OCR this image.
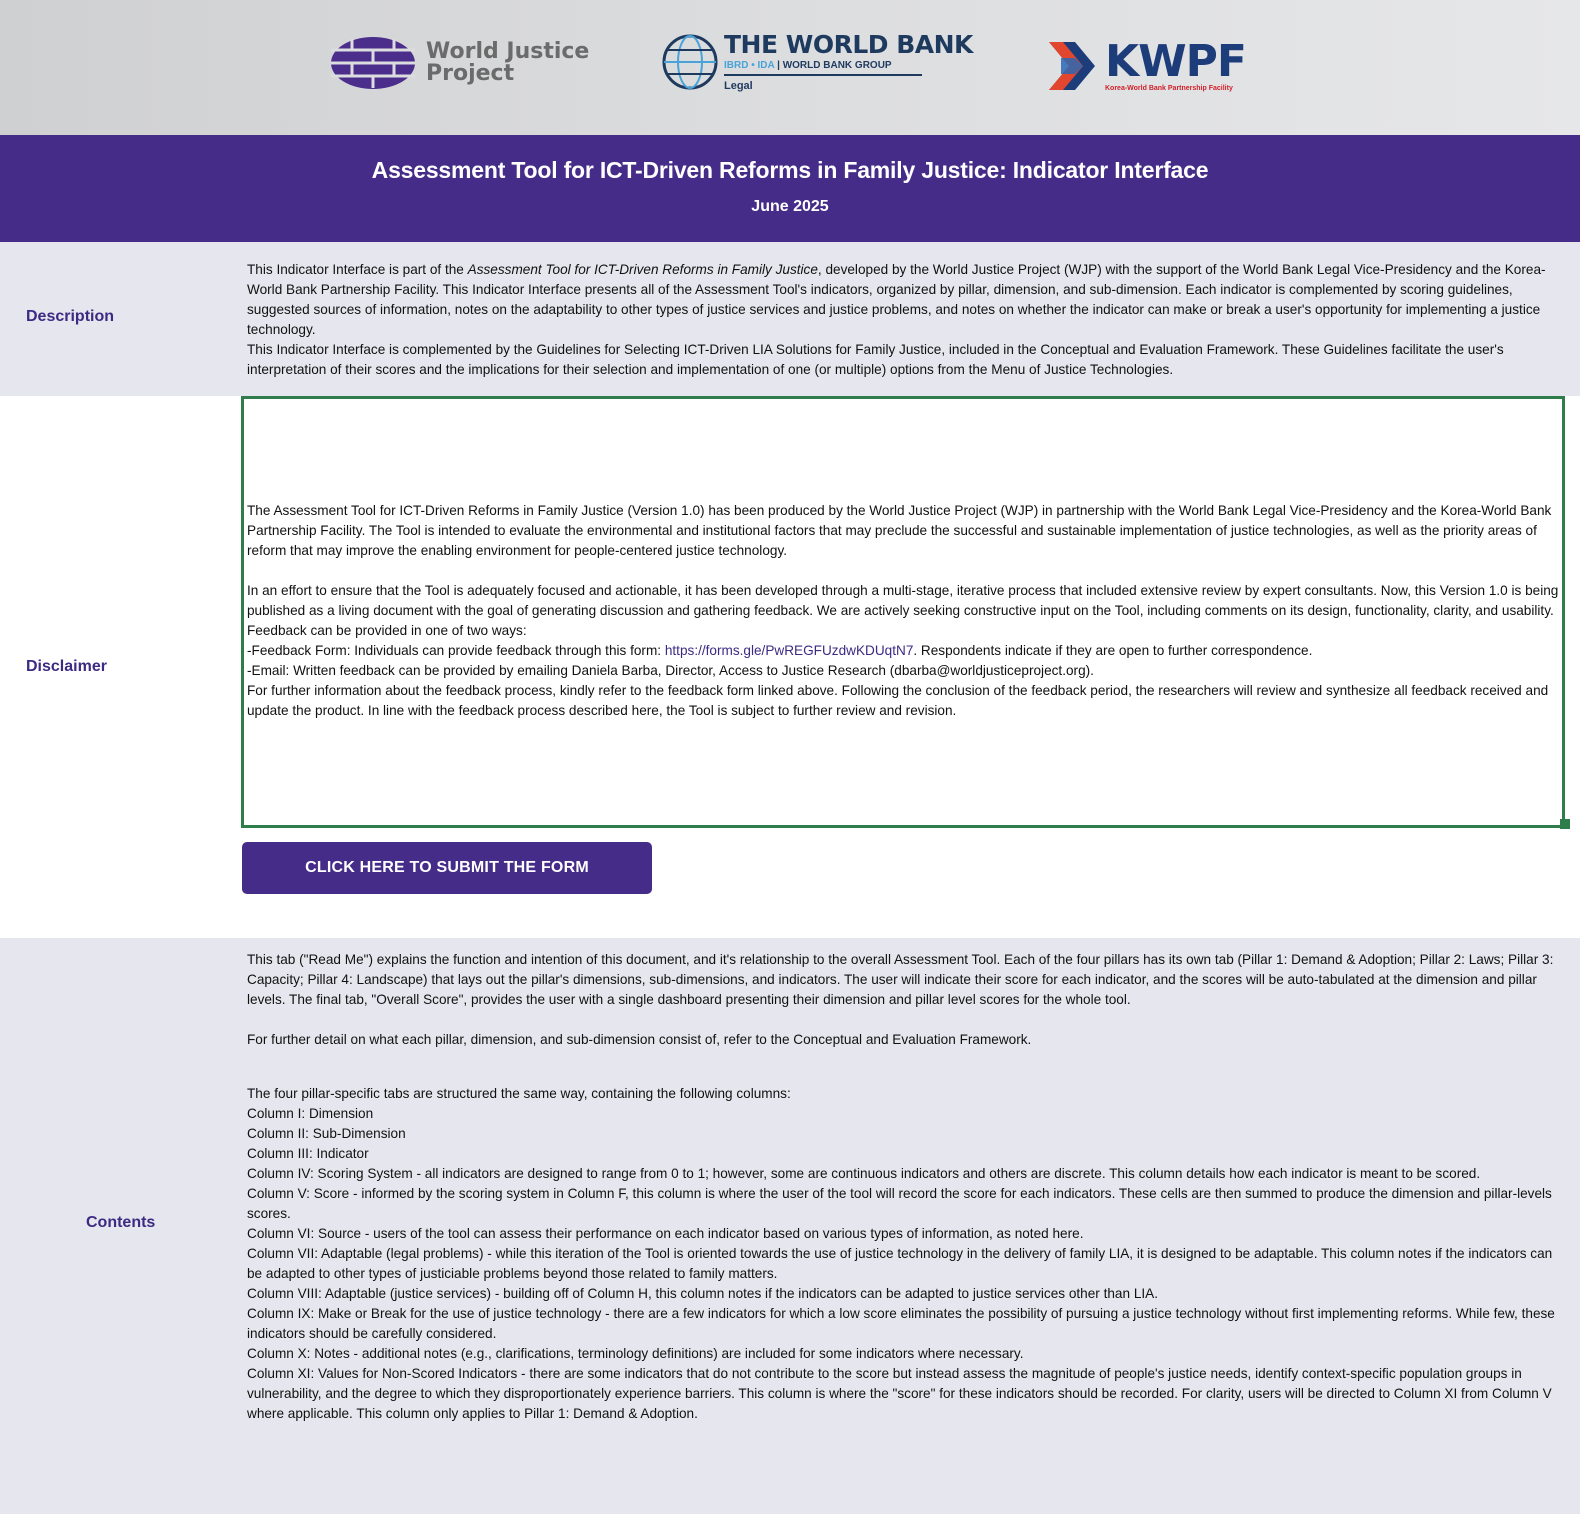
World Justice
Project
THE WORLD BANK
IBRD • IDA | WORLD BANK GROUP
Legal	KWPF
Korea-World Bank Partnership Facility
Assessment Tool for ICT-Driven Reforms in Family Justice: Indicator Interface
June 2025
Description

This Indicator Interface is part of the Assessment Tool for ICT-Driven Reforms in Family Justice, developed by the World Justice Project (WJP) with the support of the World Bank Legal Vice-Presidency and the Korea-World Bank Partnership Facility. This Indicator Interface presents all of the Assessment Tool's indicators, organized by pillar, dimension, and sub-dimension. Each indicator is complemented by scoring guidelines, suggested sources of information, notes on the adaptability to other types of justice services and justice problems, and notes on whether the indicator can make or break a user's opportunity for implementing a justice technology.

This Indicator Interface is complemented by the Guidelines for Selecting ICT-Driven LIA Solutions for Family Justice, included in the Conceptual and Evaluation Framework. These Guidelines facilitate the user's interpretation of their scores and the implications for their selection and implementation of one (or multiple) options from the Menu of Justice Technologies.

Disclaimer

The Assessment Tool for ICT-Driven Reforms in Family Justice (Version 1.0) has been produced by the World Justice Project (WJP) in partnership with the World Bank Legal Vice-Presidency and the Korea-World Bank Partnership Facility. The Tool is intended to evaluate the environmental and institutional factors that may preclude the successful and sustainable implementation of justice technologies, as well as the priority areas of reform that may improve the enabling environment for people-centered justice technology.

In an effort to ensure that the Tool is adequately focused and actionable, it has been developed through a multi-stage, iterative process that included extensive review by expert consultants. Now, this Version 1.0 is being published as a living document with the goal of generating discussion and gathering feedback. We are actively seeking constructive input on the Tool, including comments on its design, functionality, clarity, and usability. Feedback can be provided in one of two ways:

-Feedback Form: Individuals can provide feedback through this form: https://forms.gle/PwREGFUzdwKDUqtN7. Respondents indicate if they are open to further correspondence.

-Email: Written feedback can be provided by emailing Daniela Barba, Director, Access to Justice Research (dbarba@worldjusticeproject.org).

For further information about the feedback process, kindly refer to the feedback form linked above. Following the conclusion of the feedback period, the researchers will review and synthesize all feedback received and update the product. In line with the feedback process described here, the Tool is subject to further review and revision.

CLICK HERE TO SUBMIT THE FORM
Contents

This tab ("Read Me") explains the function and intention of this document, and it's relationship to the overall Assessment Tool. Each of the four pillars has its own tab (Pillar 1: Demand & Adoption; Pillar 2: Laws; Pillar 3: Capacity; Pillar 4: Landscape) that lays out the pillar's dimensions, sub-dimensions, and indicators. The user will indicate their score for each indicator, and the scores will be auto-tabulated at the dimension and pillar levels. The final tab, "Overall Score", provides the user with a single dashboard presenting their dimension and pillar level scores for the whole tool.

For further detail on what each pillar, dimension, and sub-dimension consist of, refer to the Conceptual and Evaluation Framework.

The four pillar-specific tabs are structured the same way, containing the following columns:

Column I: Dimension

Column II: Sub-Dimension

Column III: Indicator

Column IV: Scoring System - all indicators are designed to range from 0 to 1; however, some are continuous indicators and others are discrete. This column details how each indicator is meant to be scored.

Column V: Score - informed by the scoring system in Column F, this column is where the user of the tool will record the score for each indicators. These cells are then summed to produce the dimension and pillar-levels scores.

Column VI: Source - users of the tool can assess their performance on each indicator based on various types of information, as noted here.

Column VII: Adaptable (legal problems) - while this iteration of the Tool is oriented towards the use of justice technology in the delivery of family LIA, it is designed to be adaptable. This column notes if the indicators can be adapted to other types of justiciable problems beyond those related to family matters.

Column VIII: Adaptable (justice services) - building off of Column H, this column notes if the indicators can be adapted to justice services other than LIA.

Column IX: Make or Break for the use of justice technology - there are a few indicators for which a low score eliminates the possibility of pursuing a justice technology without first implementing reforms. While few, these indicators should be carefully considered.

Column X: Notes - additional notes (e.g., clarifications, terminology definitions) are included for some indicators where necessary.

Column XI: Values for Non-Scored Indicators - there are some indicators that do not contribute to the score but instead assess the magnitude of people's justice needs, identify context-specific population groups in vulnerability, and the degree to which they disproportionately experience barriers. This column is where the "score" for these indicators should be recorded. For clarity, users will be directed to Column XI from Column V where applicable. This column only applies to Pillar 1: Demand & Adoption.
